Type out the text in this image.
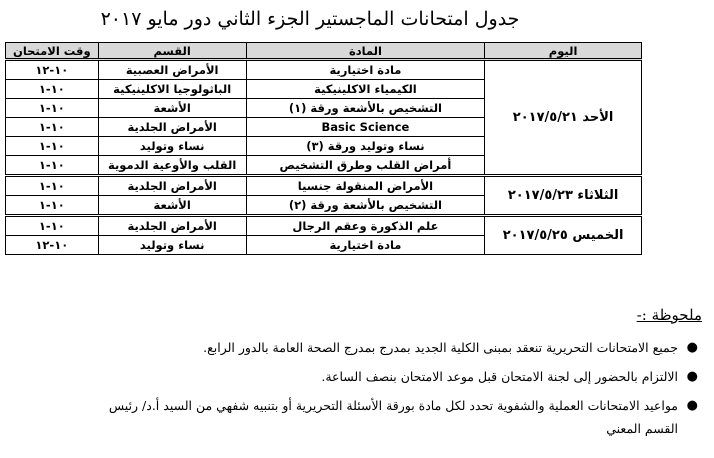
جدول امتحانات الماجستير الجزء الثاني دور مايو ٢٠١٧
اليوم	المادة	القسم	وقت الامتحان
الأحد ٢٠١٧/٥/٢١	مادة اختيارية	الأمراض العصبية	١٠-١٢
	الكيمياء الاكلينيكية	الباثولوجيا الاكلينيكية	١٠-١
	التشخيص بالأشعة ورقة (١)	الأشعة	١٠-١
	Basic Science	الأمراض الجلدية	١٠-١
	نساء وتوليد ورقة (٣)	نساء وتوليد	١٠-١
	أمراض القلب وطرق التشخيص	القلب والأوعية الدموية	١٠-١
الثلاثاء ٢٠١٧/٥/٢٣	الأمراض المنقولة جنسيا	الأمراض الجلدية	١٠-١
	التشخيص بالأشعة ورقة (٢)	الأشعة	١٠-١
الخميس ٢٠١٧/٥/٢٥	علم الذكورة وعقم الرجال	الأمراض الجلدية	١٠-١
	مادة اختيارية	نساء وتوليد	١٠-١٢
ملحوظة :-
●
جميع الامتحانات التحريرية تنعقد بمبنى الكلية الجديد بمدرج بمدرج الصحة العامة بالدور الرابع.
●
الالتزام بالحضور إلى لجنة الامتحان قبل موعد الامتحان بنصف الساعة.
●
مواعيد الامتحانات العملية والشفوية تحدد لكل مادة بورقة الأسئلة التحريرية أو بتنبيه شفهي من السيد أ.د/ رئيس القسم المعني
